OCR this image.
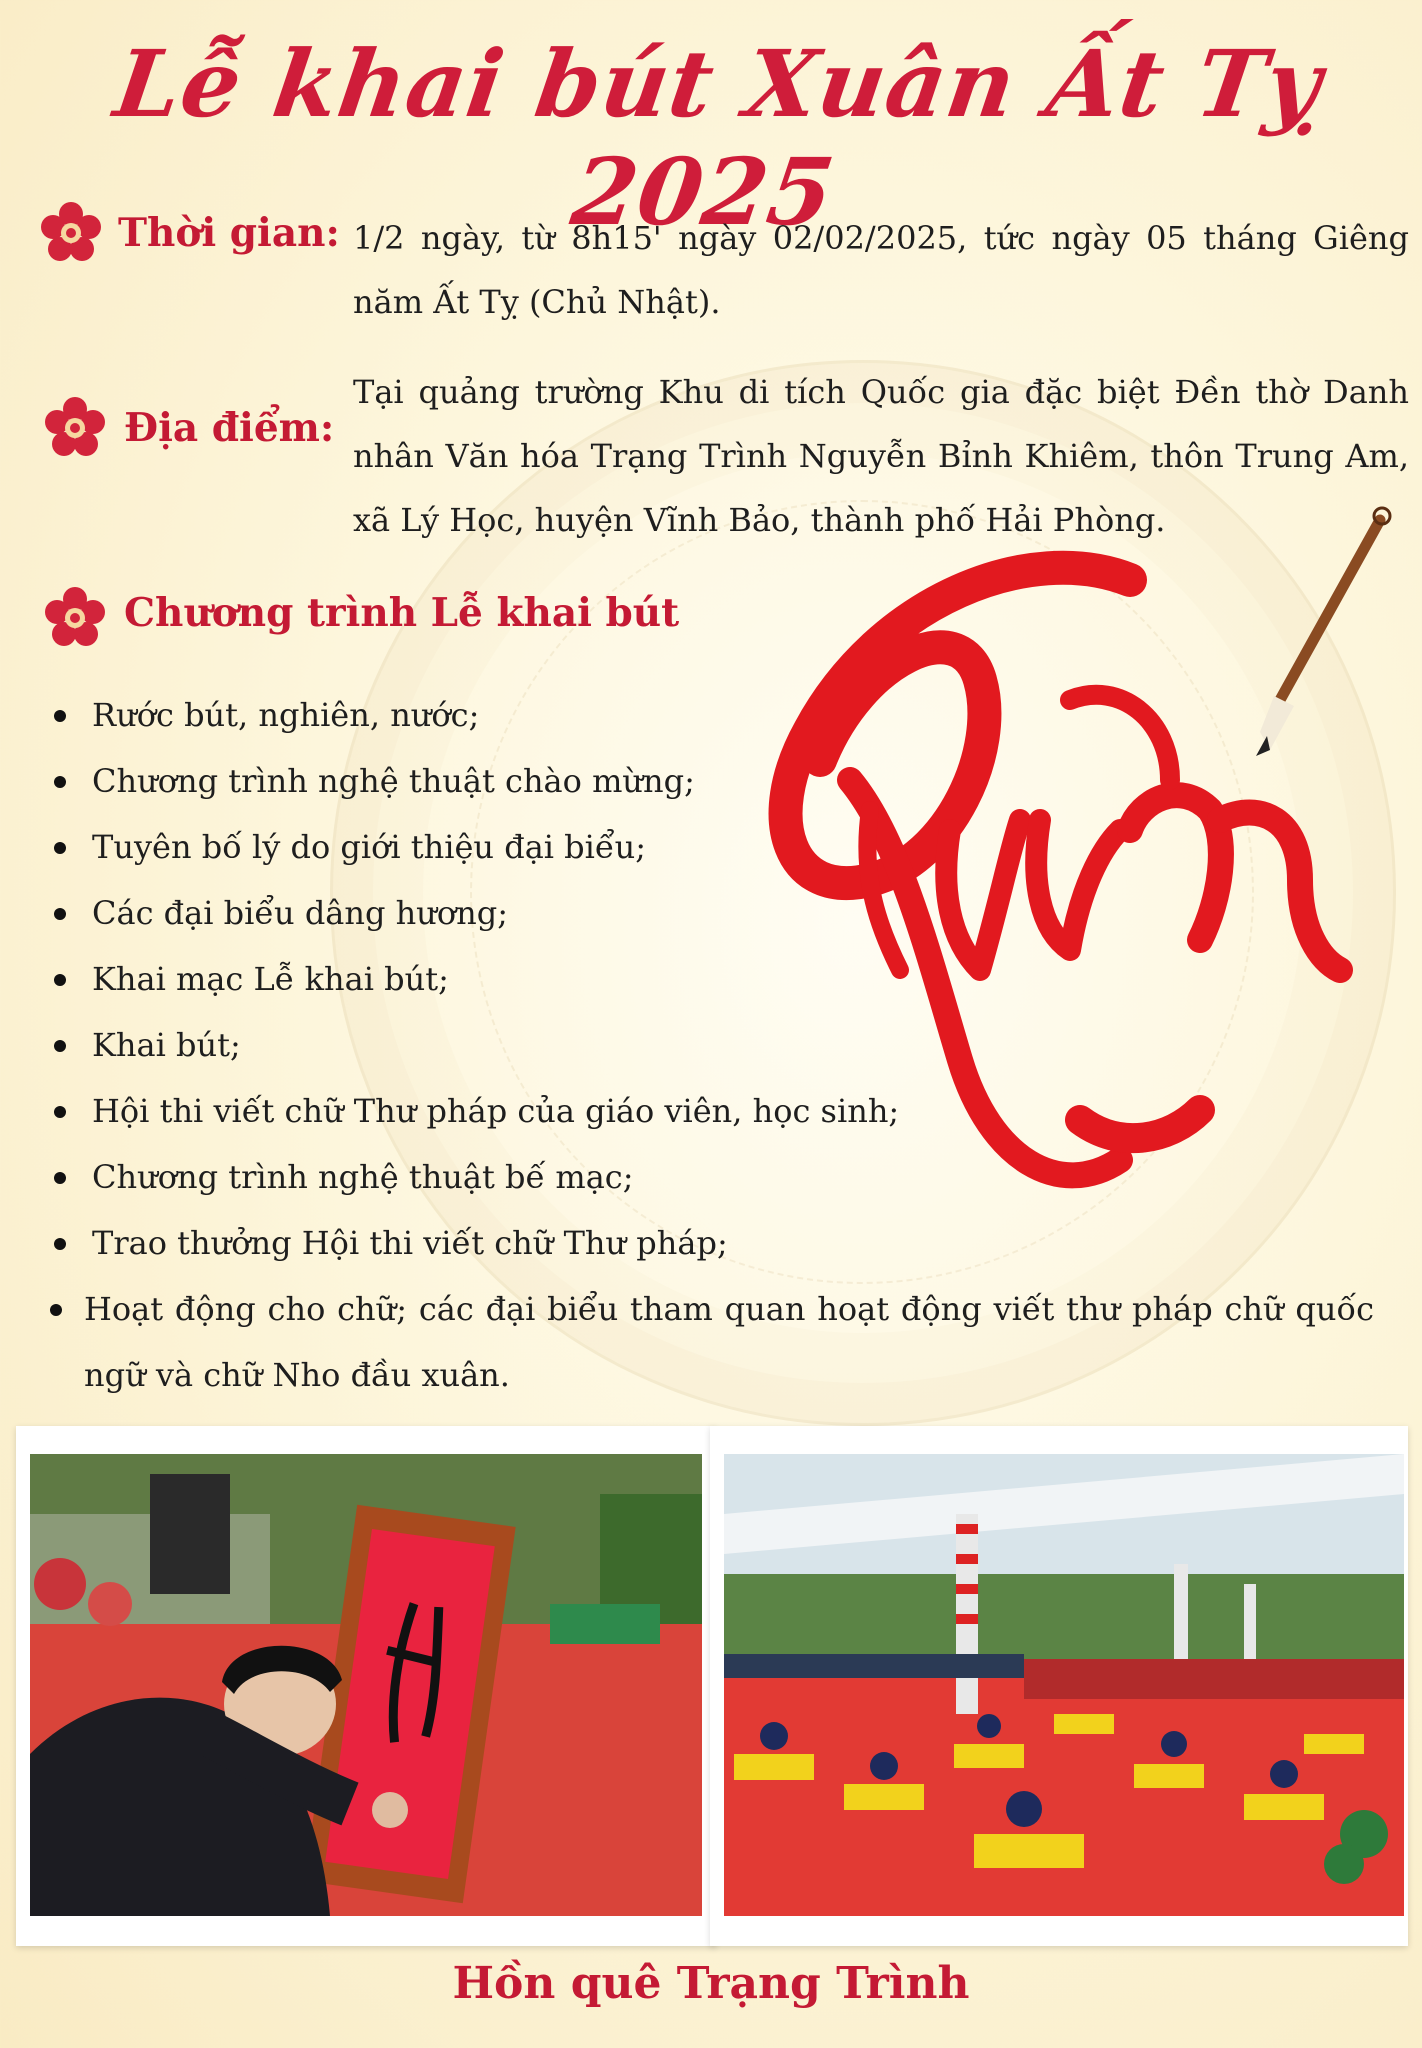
Lễ khai bút Xuân Ất Tỵ 2025
Thời gian: 1/2 ngày, từ 8h15' ngày 02/02/2025, tức ngày 05 tháng Giêng năm Ất Tỵ (Chủ Nhật).
Địa điểm:
Tại quảng trường Khu di tích Quốc gia đặc biệt Đền thờ Danh nhân Văn hóa Trạng Trình Nguyễn Bỉnh Khiêm, thôn Trung Am, xã Lý Học, huyện Vĩnh Bảo, thành phố Hải Phòng.
Chương trình Lễ khai bút
Rước bút, nghiên, nước;
Chương trình nghệ thuật chào mừng;
Tuyên bố lý do giới thiệu đại biểu;
Các đại biểu dâng hương;
Khai mạc Lễ khai bút;
Khai bút;
Hội thi viết chữ Thư pháp của giáo viên, học sinh;
Chương trình nghệ thuật bế mạc;
Trao thưởng Hội thi viết chữ Thư pháp;
Hoạt động cho chữ; các đại biểu tham quan hoạt động viết thư pháp chữ quốc ngữ và chữ Nho đầu xuân.
Hồn quê Trạng Trình
